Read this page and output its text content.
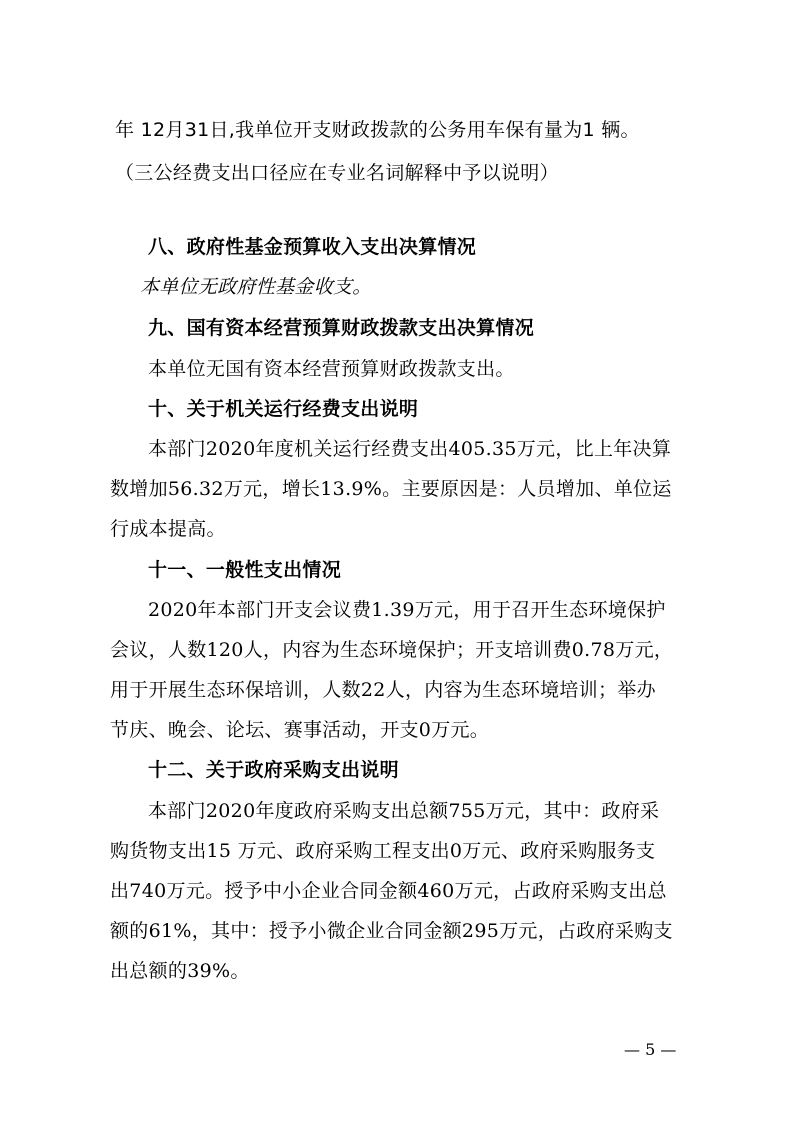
年 12月31日,我单位开支财政拨款的公务用车保有量为1 辆。
（三公经费支出口径应在专业名词解释中予以说明）
八、政府性基金预算收入支出决算情况
本单位无政府性基金收支。
九、国有资本经营预算财政拨款支出决算情况
本单位无国有资本经营预算财政拨款支出。
十、关于机关运行经费支出说明
本部门2020年度机关运行经费支出405.35万元，比上年决算
数增加56.32万元，增长13.9%。主要原因是：人员增加、单位运
行成本提高。
十一、一般性支出情况
2020年本部门开支会议费1.39万元，用于召开生态环境保护
会议，人数120人，内容为生态环境保护；开支培训费0.78万元，
用于开展生态环保培训，人数22人，内容为生态环境培训；举办
节庆、晚会、论坛、赛事活动，开支0万元。
十二、关于政府采购支出说明
本部门2020年度政府采购支出总额755万元，其中：政府采
购货物支出15 万元、政府采购工程支出0万元、政府采购服务支
出740万元。授予中小企业合同金额460万元，占政府采购支出总
额的61%，其中：授予小微企业合同金额295万元，占政府采购支
出总额的39%。
— 5 —
